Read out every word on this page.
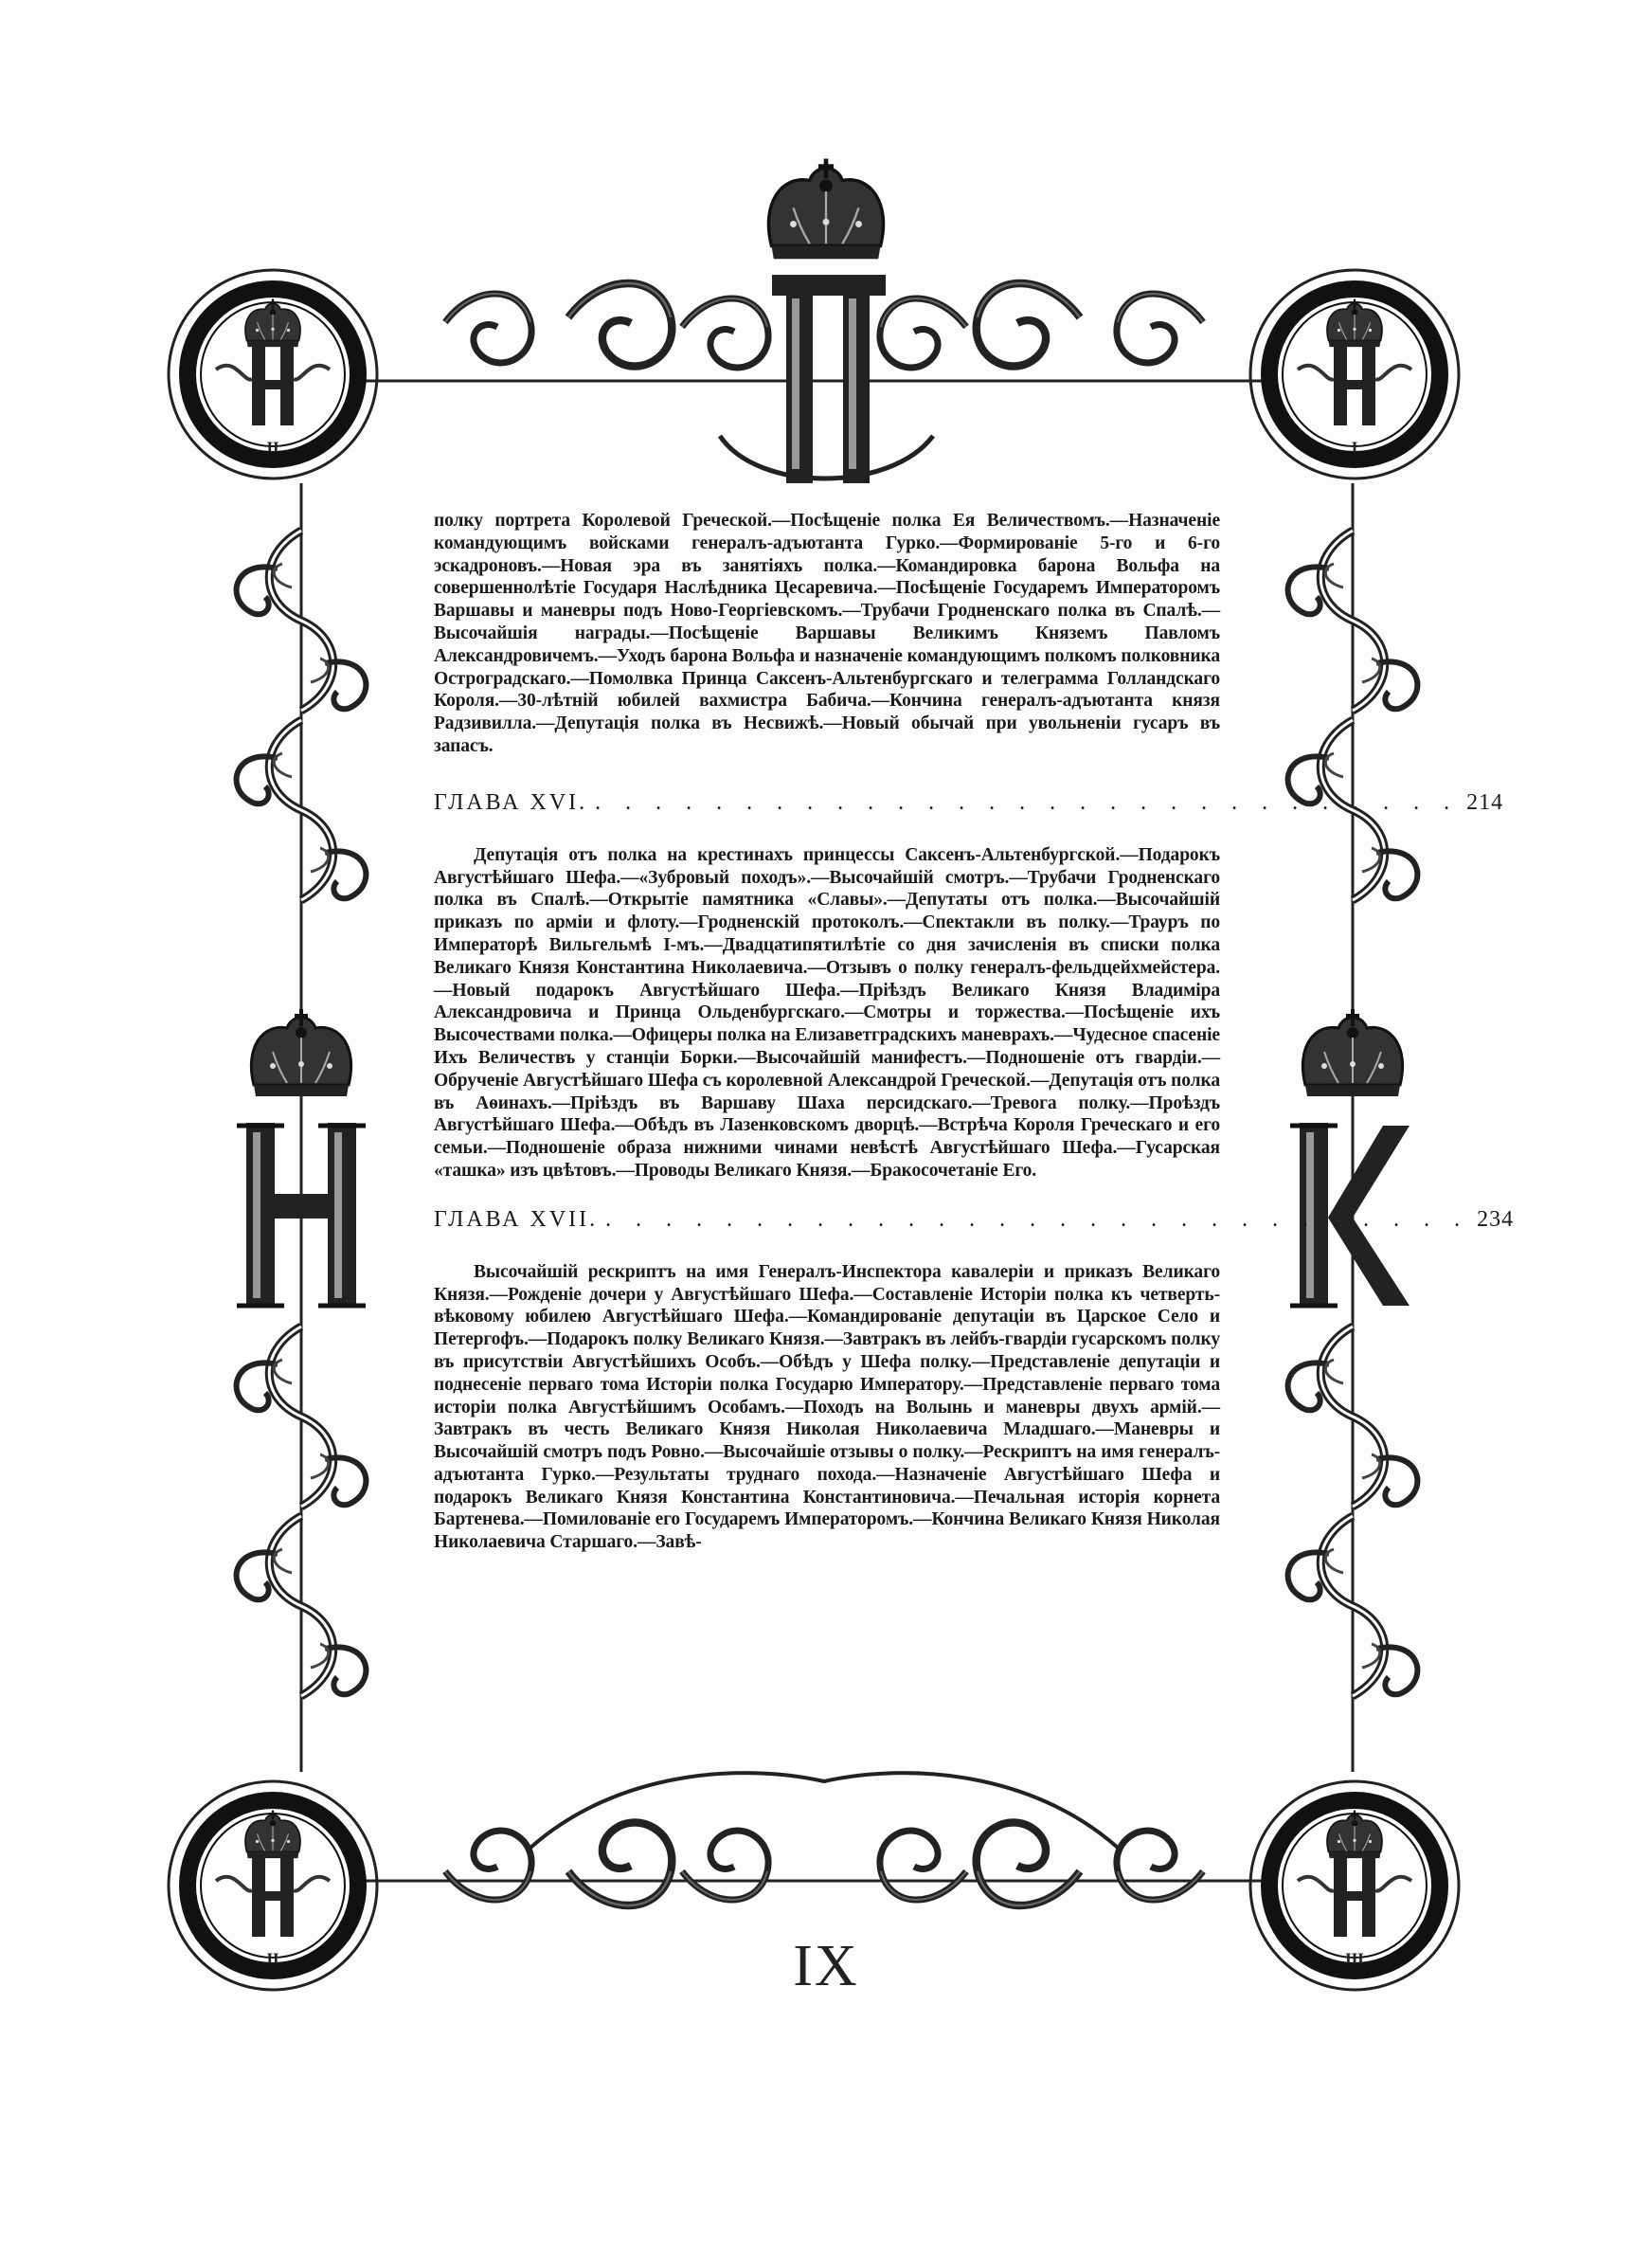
II	I
II	III

полку портрета Королевой Греческой.—Посѣщеніе полка Ея Величествомъ.—Назначеніе командующимъ войсками генералъ-адъютанта Гурко.—Формированіе 5-го и 6-го эскадроновъ.—Новая эра въ занятіяхъ полка.—Командировка барона Вольфа на совершеннолѣтіе Государя Наслѣдника Цесаревича.—Посѣщеніе Государемъ Императоромъ Варшавы и маневры подъ Ново-Георгіевскомъ.—Трубачи Гродненскаго полка въ Спалѣ.—Высочайшія награды.—Посѣщеніе Варшавы Великимъ Княземъ Павломъ Александровичемъ.—Уходъ барона Вольфа и назначеніе командующимъ полкомъ полковника Остроградскаго.—Помолвка Принца Саксенъ-Альтенбургскаго и телеграмма Голландскаго Короля.—30-лѣтній юбилей вахмистра Бабича.—Кончина генералъ-адъютанта князя Радзивилла.—Депутація полка въ Несвижѣ.—Новый обычай при увольненіи гусаръ въ запасъ.

ГЛАВА XVI. . . . . . . . . . . . . . . . . . . . . . . . . . . . . . 214

Депутація отъ полка на крестинахъ принцессы Саксенъ-Альтенбургской.—Подарокъ Августѣйшаго Шефа.—«Зубровый походъ».—Высочайшій смотръ.—Трубачи Гродненскаго полка въ Спалѣ.—Открытіе памятника «Славы».—Депутаты отъ полка.—Высочайшій приказъ по арміи и флоту.—Гродненскій протоколъ.—Спектакли въ полку.—Трауръ по Императорѣ Вильгельмѣ I-мъ.—Двадцатипятилѣтіе со дня зачисленія въ списки полка Великаго Князя Константина Николаевича.—Отзывъ о полку генералъ-фельдцейхмейстера.—Новый подарокъ Августѣйшаго Шефа.—Пріѣздъ Великаго Князя Владиміра Александровича и Принца Ольденбургскаго.—Смотры и торжества.—Посѣщеніе ихъ Высочествами полка.—Офицеры полка на Елизаветградскихъ маневрахъ.—Чудесное спасеніе Ихъ Величествъ у станціи Борки.—Высочайшій манифестъ.—Подношеніе отъ гвардіи.—Обрученіе Августѣйшаго Шефа съ королевной Александрой Греческой.—Депутація отъ полка въ Аѳинахъ.—Пріѣздъ въ Варшаву Шаха персидскаго.—Тревога полку.—Проѣздъ Августѣйшаго Шефа.—Обѣдъ въ Лазенковскомъ дворцѣ.—Встрѣча Короля Греческаго и его семьи.—Подношеніе образа нижними чинами невѣстѣ Августѣйшаго Шефа.—Гусарская «ташка» изъ цвѣтовъ.—Проводы Великаго Князя.—Бракосочетаніе Его.

ГЛАВА XVII. . . . . . . . . . . . . . . . . . . . . . . . . . . . . . 234

Высочайшій рескриптъ на имя Генералъ-Инспектора кавалеріи и приказъ Великаго Князя.—Рожденіе дочери у Августѣйшаго Шефа.—Составленіе Исторіи полка къ четверть-вѣковому юбилею Августѣйшаго Шефа.—Командированіе депутаціи въ Царское Село и Петергофъ.—Подарокъ полку Великаго Князя.—Завтракъ въ лейбъ-гвардіи гусарскомъ полку въ присутствіи Августѣйшихъ Особъ.—Обѣдъ у Шефа полку.—Представленіе депутаціи и поднесеніе перваго тома Исторіи полка Государю Императору.—Представленіе перваго тома исторіи полка Августѣйшимъ Особамъ.—Походъ на Волынь и маневры двухъ армій.—Завтракъ въ честь Великаго Князя Николая Николаевича Младшаго.—Маневры и Высочайшій смотръ подъ Ровно.—Высочайшіе отзывы о полку.—Рескриптъ на имя генералъ-адъютанта Гурко.—Результаты труднаго похода.—Назначеніе Августѣйшаго Шефа и подарокъ Великаго Князя Константина Константиновича.—Печальная исторія корнета Бартенева.—Помилованіе его Государемъ Императоромъ.—Кончина Великаго Князя Николая Николаевича Старшаго.—Завѣ-

IX
